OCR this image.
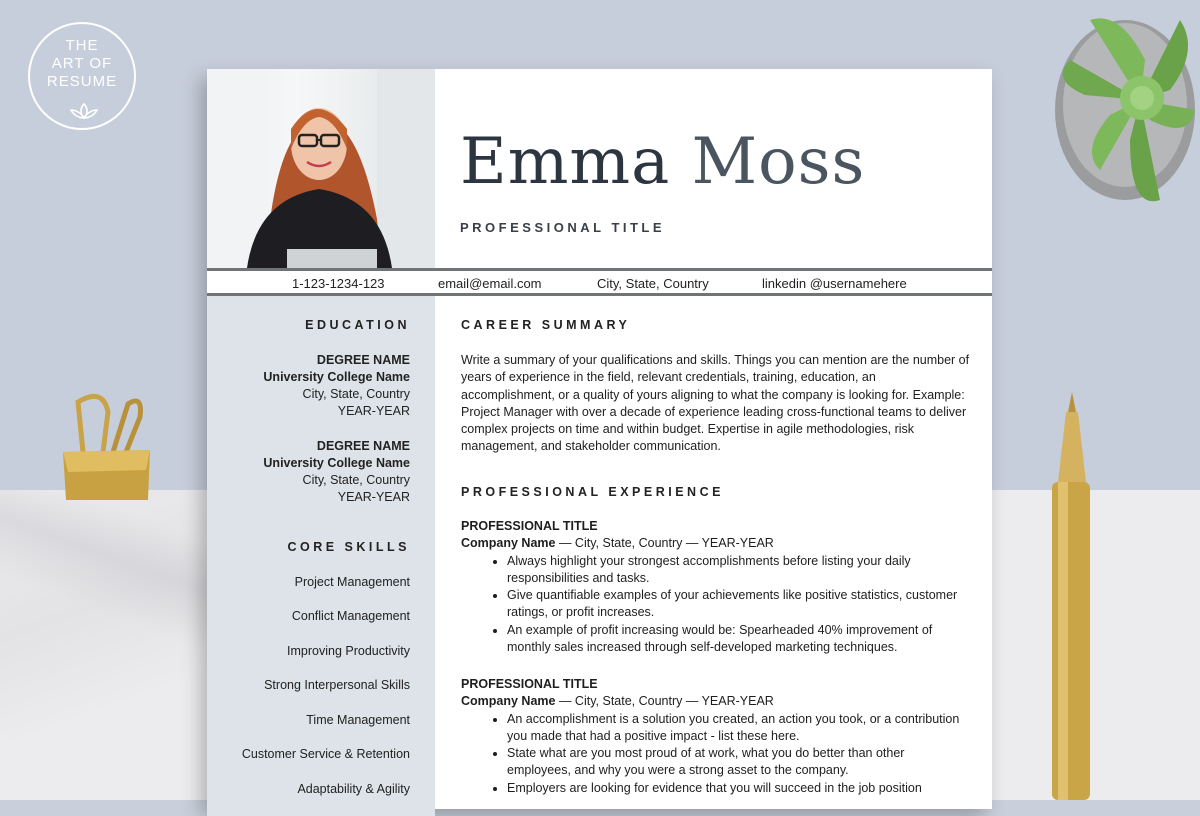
THE
ART OF
RESUME
Emma Moss
PROFESSIONAL TITLE
1-123-1234-123	email@email.com	City, State, Country	linkedin @usernamehere
EDUCATION
DEGREE NAME
University College Name
City, State, Country
YEAR-YEAR
DEGREE NAME
University College Name
City, State, Country
YEAR-YEAR
CORE SKILLS
Project Management
Conflict Management
Improving Productivity
Strong Interpersonal Skills
Time Management
Customer Service & Retention
Adaptability & Agility
CAREER SUMMARY

Write a summary of your qualifications and skills. Things you can mention are the number of years of experience in the field, relevant credentials, training, education, an accomplishment, or a quality of yours aligning to what the company is looking for. Example: Project Manager with over a decade of experience leading cross-functional teams to deliver complex projects on time and within budget. Expertise in agile methodologies, risk management, and stakeholder communication.

PROFESSIONAL EXPERIENCE

PROFESSIONAL TITLE

Company Name — City, State, Country — YEAR-YEAR

• Always highlight your strongest accomplishments before listing your daily responsibilities and tasks.
• Give quantifiable examples of your achievements like positive statistics, customer ratings, or profit increases.
• An example of profit increasing would be: Spearheaded 40% improvement of monthly sales increased through self-developed marketing techniques.

PROFESSIONAL TITLE

Company Name — City, State, Country — YEAR-YEAR

• An accomplishment is a solution you created, an action you took, or a contribution you made that had a positive impact - list these here.
• State what are you most proud of at work, what you do better than other employees, and why you were a strong asset to the company.
• Employers are looking for evidence that you will succeed in the job position
